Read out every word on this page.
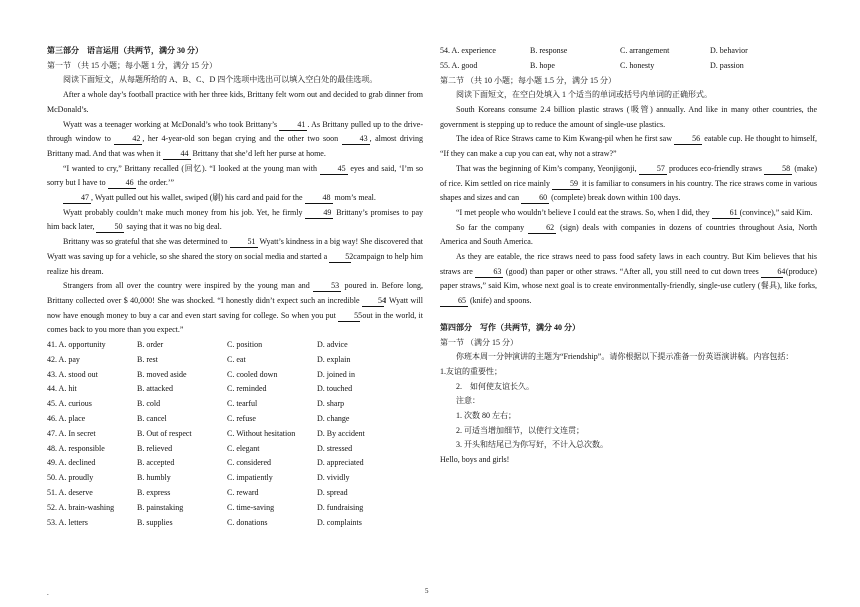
第三部分　语言运用（共两节，满分 30 分）

第一节 （共 15 小题；每小题 1 分，满分 15 分）

阅读下面短文，从每题所给的 A、B、C、D 四个选项中选出可以填入空白处的最佳选项。

After a whole day’s football practice with her three kids, Brittany felt worn out and decided to grab dinner from McDonald’s.

Wyatt was a teenager working at McDonald’s who took Brittany’s 41 . As Brittany pulled up to the drive-through window to 42 , her 4-year-old son began crying and the other two soon 43 , almost driving Brittany mad. And that was when it 44 Brittany that she’d left her purse at home.

“I wanted to cry,” Brittany recalled (回忆). “I looked at the young man with 45 eyes and said, ‘I’m so sorry but I have to 46 the order.’”

47 , Wyatt pulled out his wallet, swiped (刷) his card and paid for the 48 mom’s meal.

Wyatt probably couldn’t make much money from his job. Yet, he firmly 49 Brittany’s promises to pay him back later, 50 saying that it was no big deal.

Brittany was so grateful that she was determined to 51 Wyatt’s kindness in a big way! She discovered that Wyatt was saving up for a vehicle, so she shared the story on social media and started a 52 campaign to help him realize his dream.

Strangers from all over the country were inspired by the young man and 53 poured in. Before long, Brittany collected over $ 40,000! She was shocked. “I honestly didn’t expect such an incredible 54! Wyatt will now have enough money to buy a car and even start saving for college. So when you put 55 out in the world, it comes back to you more than you expect.”

41. A. opportunity	B. order	C. position	D. advice
42. A. pay	B. rest	C. eat	D. explain
43. A. stood out	B. moved aside	C. cooled down	D. joined in
44. A. hit	B. attacked	C. reminded	D. touched
45. A. curious	B. cold	C. tearful	D. sharp
46. A. place	B. cancel	C. refuse	D. change
47. A. In secret	B. Out of respect	C. Without hesitation	D. By accident
48. A. responsible	B. relieved	C. elegant	D. stressed
49. A. declined	B. accepted	C. considered	D. appreciated
50. A. proudly	B. humbly	C. impatiently	D. vividly
51. A. deserve	B. express	C. reward	D. spread
52. A. brain-washing	B. painstaking	C. time-saving	D. fundraising
53. A. letters	B. supplies	C. donations	D. complaints
54. A. experience	B. response	C. arrangement	D. behavior
55. A. good	B. hope	C. honesty	D. passion

第二节 （共 10 小题；每小题 1.5 分，满分 15 分）

阅读下面短文，在空白处填入 1 个适当的单词或括号内单词的正确形式。

South Koreans consume 2.4 billion plastic straws (吸管) annually. And like in many other countries, the government is stepping up to reduce the amount of single-use plastics.

The idea of Rice Straws came to Kim Kwang-pil when he first saw 56 eatable cup. He thought to himself, “If they can make a cup you can eat, why not a straw?”

That was the beginning of Kim’s company, Yeonjigonji, 57 produces eco-friendly straws 58 (make) of rice. Kim settled on rice mainly 59 it is familiar to consumers in his country. The rice straws come in various shapes and sizes and can 60 (complete) break down within 100 days.

“I met people who wouldn’t believe I could eat the straws. So, when I did, they 61 (convince),” said Kim.

So far the company 62 (sign) deals with companies in dozens of countries throughout Asia, North America and South America.

As they are eatable, the rice straws need to pass food safety laws in each country. But Kim believes that his straws are 63 (good) than paper or other straws. “After all, you still need to cut down trees 64 (produce) paper straws,” said Kim, whose next goal is to create environmentally-friendly, single-use cutlery (餐具), like forks, 65 (knife) and spoons.

第四部分　写作（共两节，满分 40 分）

第一节 （满分 15 分）

你班本周一分钟演讲的主题为“Friendship”。请你根据以下提示准备一份英语演讲稿。内容包括：

1.友谊的重要性；

2.　如何使友谊长久。

注意：

1. 次数 80 左右；

2. 可适当增加细节，以使行文连贯；

3. 开头和结尾已为你写好，不计入总次数。

Hello, boys and girls!

.	5
